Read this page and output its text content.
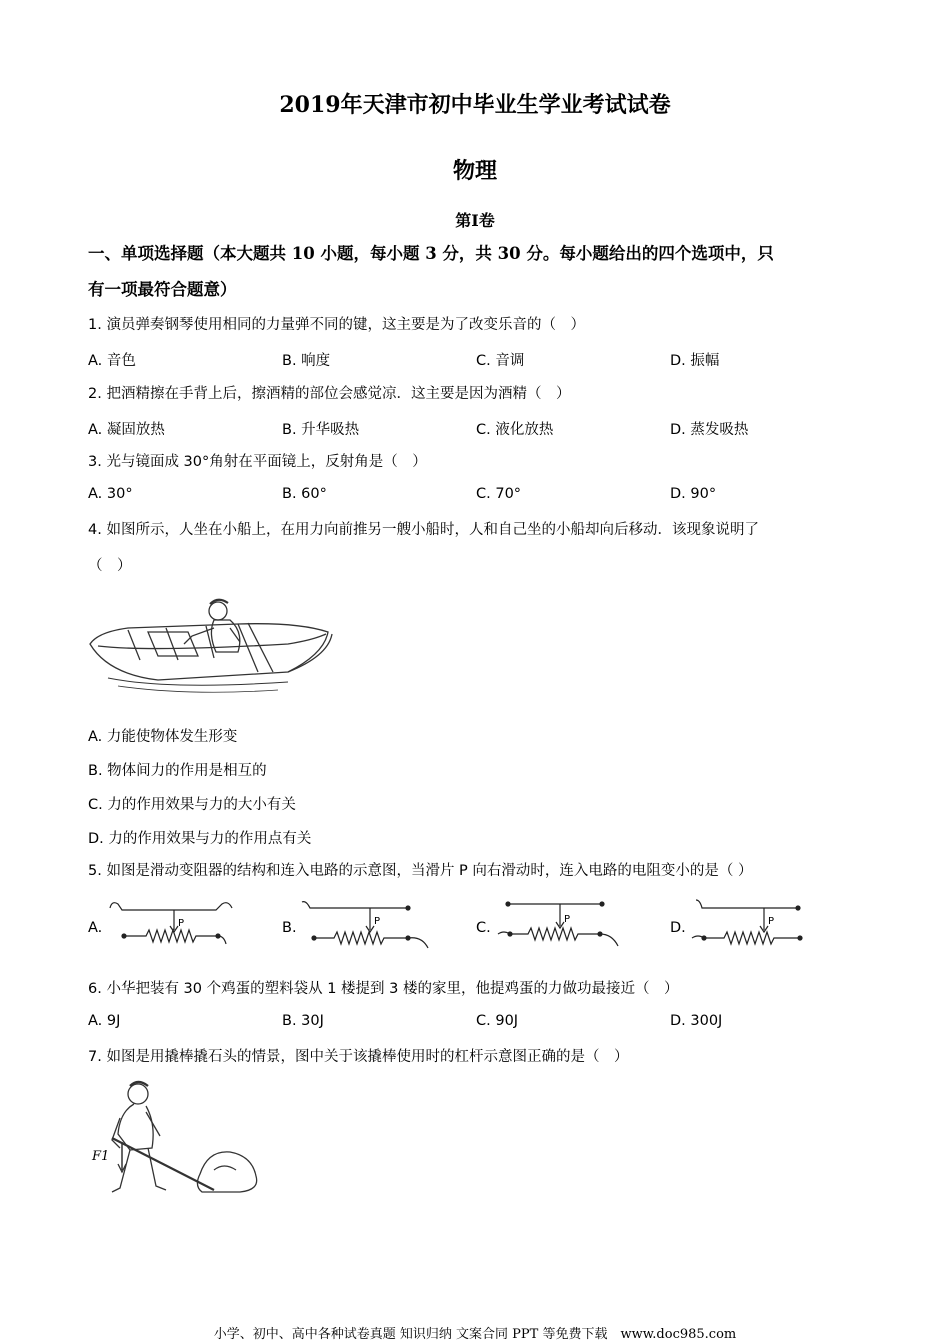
2019年天津市初中毕业生学业考试试卷
物理
第I卷
一、单项选择题（本大题共 10 小题，每小题 3 分，共 30 分。每小题给出的四个选项中，只
有一项最符合题意）
1. 演员弹奏钢琴使用相同的力量弹不同的键，这主要是为了改变乐音的（　）
A. 音色	B. 响度	C. 音调	D. 振幅
2. 把酒精擦在手背上后，擦酒精的部位会感觉凉．这主要是因为酒精（　）
A. 凝固放热	B. 升华吸热	C. 液化放热	D. 蒸发吸热
3. 光与镜面成 30°角射在平面镜上，反射角是（　）
A. 30°	B. 60°	C. 70°	D. 90°
4. 如图所示，人坐在小船上，在用力向前推另一艘小船时，人和自己坐的小船却向后移动．该现象说明了
（　）
A. 力能使物体发生形变
B. 物体间力的作用是相互的
C. 力的作用效果与力的大小有关
D. 力的作用效果与力的作用点有关
5. 如图是滑动变阻器的结构和连入电路的示意图，当滑片 P 向右滑动时，连入电路的电阻变小的是（ ）
A.	P	B.	P	C.
P
D.	P
6. 小华把装有 30 个鸡蛋的塑料袋从 1 楼提到 3 楼的家里，他提鸡蛋的力做功最接近（　）
A. 9J	B. 30J	C. 90J	D. 300J
7. 如图是用撬棒撬石头的情景，图中关于该撬棒使用时的杠杆示意图正确的是（　）
F1
小学、初中、高中各种试卷真题 知识归纳 文案合同 PPT 等免费下载　www.doc985.com
